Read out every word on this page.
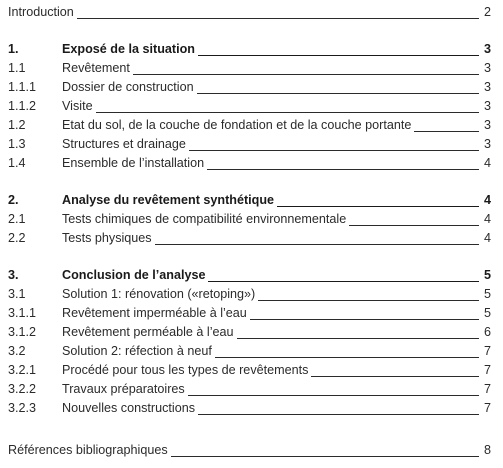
Introduction	2
1.	Exposé de la situation	3
1.1	Revêtement	3
1.1.1 Dossier de construction	3
1.1.2 Visite	3
1.2	Etat du sol, de la couche de fondation et de la couche portante	3
1.3	Structures et drainage	3
1.4	Ensemble de l’installation	4
2.	Analyse du revêtement synthétique	4
2.1	Tests chimiques de compatibilité environnementale	4
2.2	Tests physiques	4
3.	Conclusion de l’analyse	5
3.1	Solution 1: rénovation («retoping»)	5
3.1.1 Revêtement imperméable à l’eau	5
3.1.2 Revêtement perméable à l’eau	6
3.2	Solution 2: réfection à neuf	7
3.2.1 Procédé pour tous les types de revêtements	7
3.2.2 Travaux préparatoires	7
3.2.3 Nouvelles constructions	7
Références bibliographiques	8
